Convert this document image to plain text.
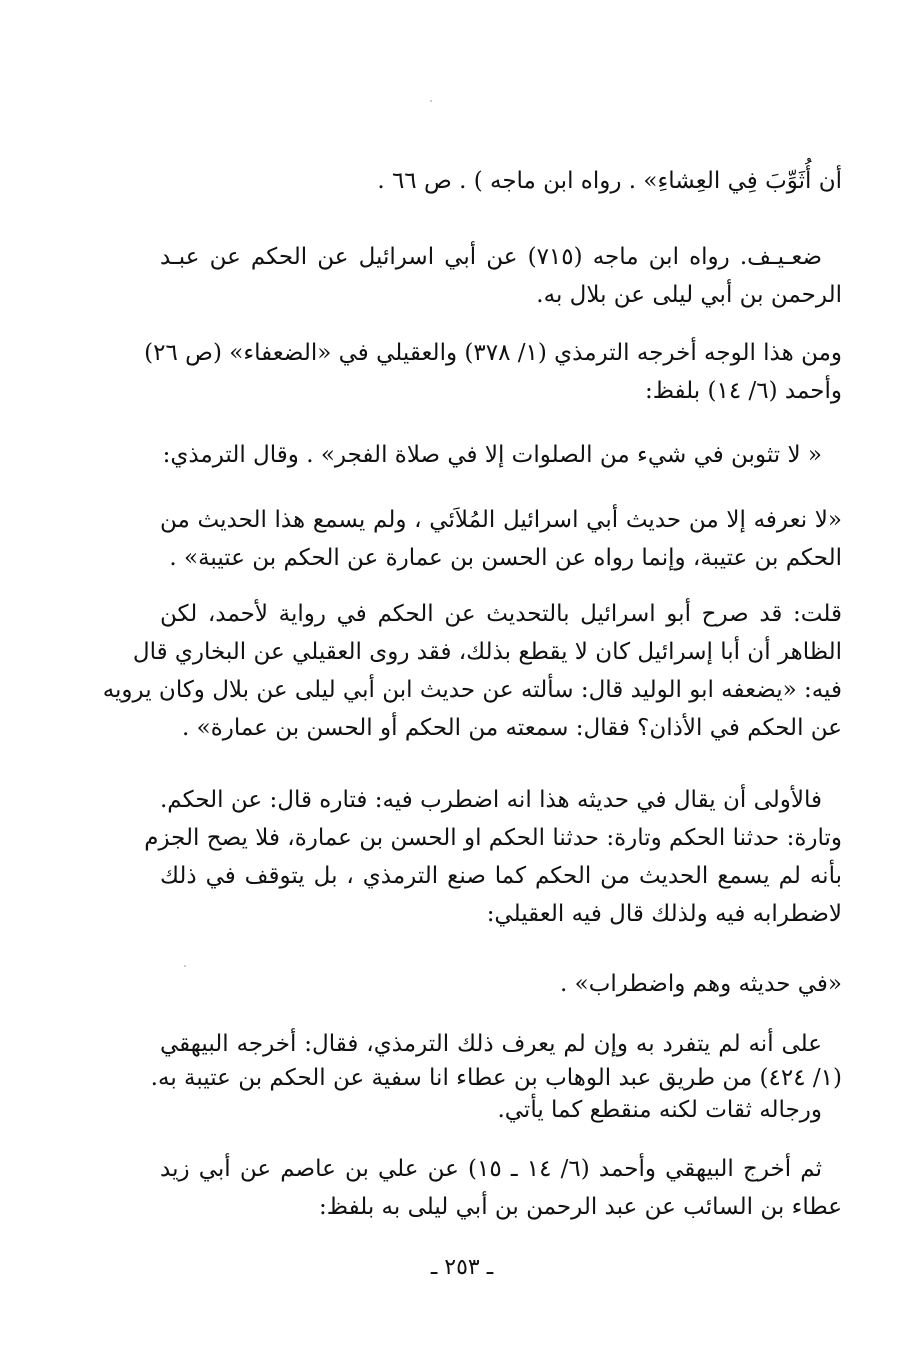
أن أُثَوِّبَ فِي العِشاءِ» . رواه ابن ماجه ) . ص ٦٦ .
ضعـيـف. رواه ابن ماجه (٧١٥) عن أبي اسرائيل عن الحكم عن عبـد
الرحمن بن أبي ليلى عن بلال به.
ومن هذا الوجه أخرجه الترمذي (١/ ٣٧٨) والعقيلي في «الضعفاء» (ص ٢٦)
وأحمد (٦/ ١٤) بلفظ:
« لا تثوبن في شيء من الصلوات إلا في صلاة الفجر» . وقال الترمذي:
«لا نعرفه إلا من حديث أبي اسرائيل المُلاَئي ، ولم يسمع هذا الحديث من
الحكم بن عتيبة، وإنما رواه عن الحسن بن عمارة عن الحكم بن عتيبة» .
قلت: قد صرح أبو اسرائيل بالتحديث عن الحكم في رواية لأحمد، لكن
الظاهر أن أبا إسرائيل كان لا يقطع بذلك، فقد روى العقيلي عن البخاري قال
فيه: «يضعفه ابو الوليد قال: سألته عن حديث ابن أبي ليلى عن بلال وكان يرويه
عن الحكم في الأذان؟ فقال: سمعته من الحكم أو الحسن بن عمارة» .
فالأولى أن يقال في حديثه هذا انه اضطرب فيه: فتاره قال: عن الحكم.
وتارة: حدثنا الحكم وتارة: حدثنا الحكم او الحسن بن عمارة، فلا يصح الجزم
بأنه لم يسمع الحديث من الحكم كما صنع الترمذي ، بل يتوقف في ذلك
لاضطرابه فيه ولذلك قال فيه العقيلي:
«في حديثه وهم واضطراب» .
على أنه لم يتفرد به وإن لم يعرف ذلك الترمذي، فقال: أخرجه البيهقي
(١/ ٤٢٤) من طريق عبد الوهاب بن عطاء انا سفية عن الحكم بن عتيبة به.
ورجاله ثقات لكنه منقطع كما يأتي.
ثم أخرج البيهقي وأحمد (٦/ ١٤ ـ ١٥) عن علي بن عاصم عن أبي زيد
عطاء بن السائب عن عبد الرحمن بن أبي ليلى به بلفظ:
ـ ٢٥٣ ـ
